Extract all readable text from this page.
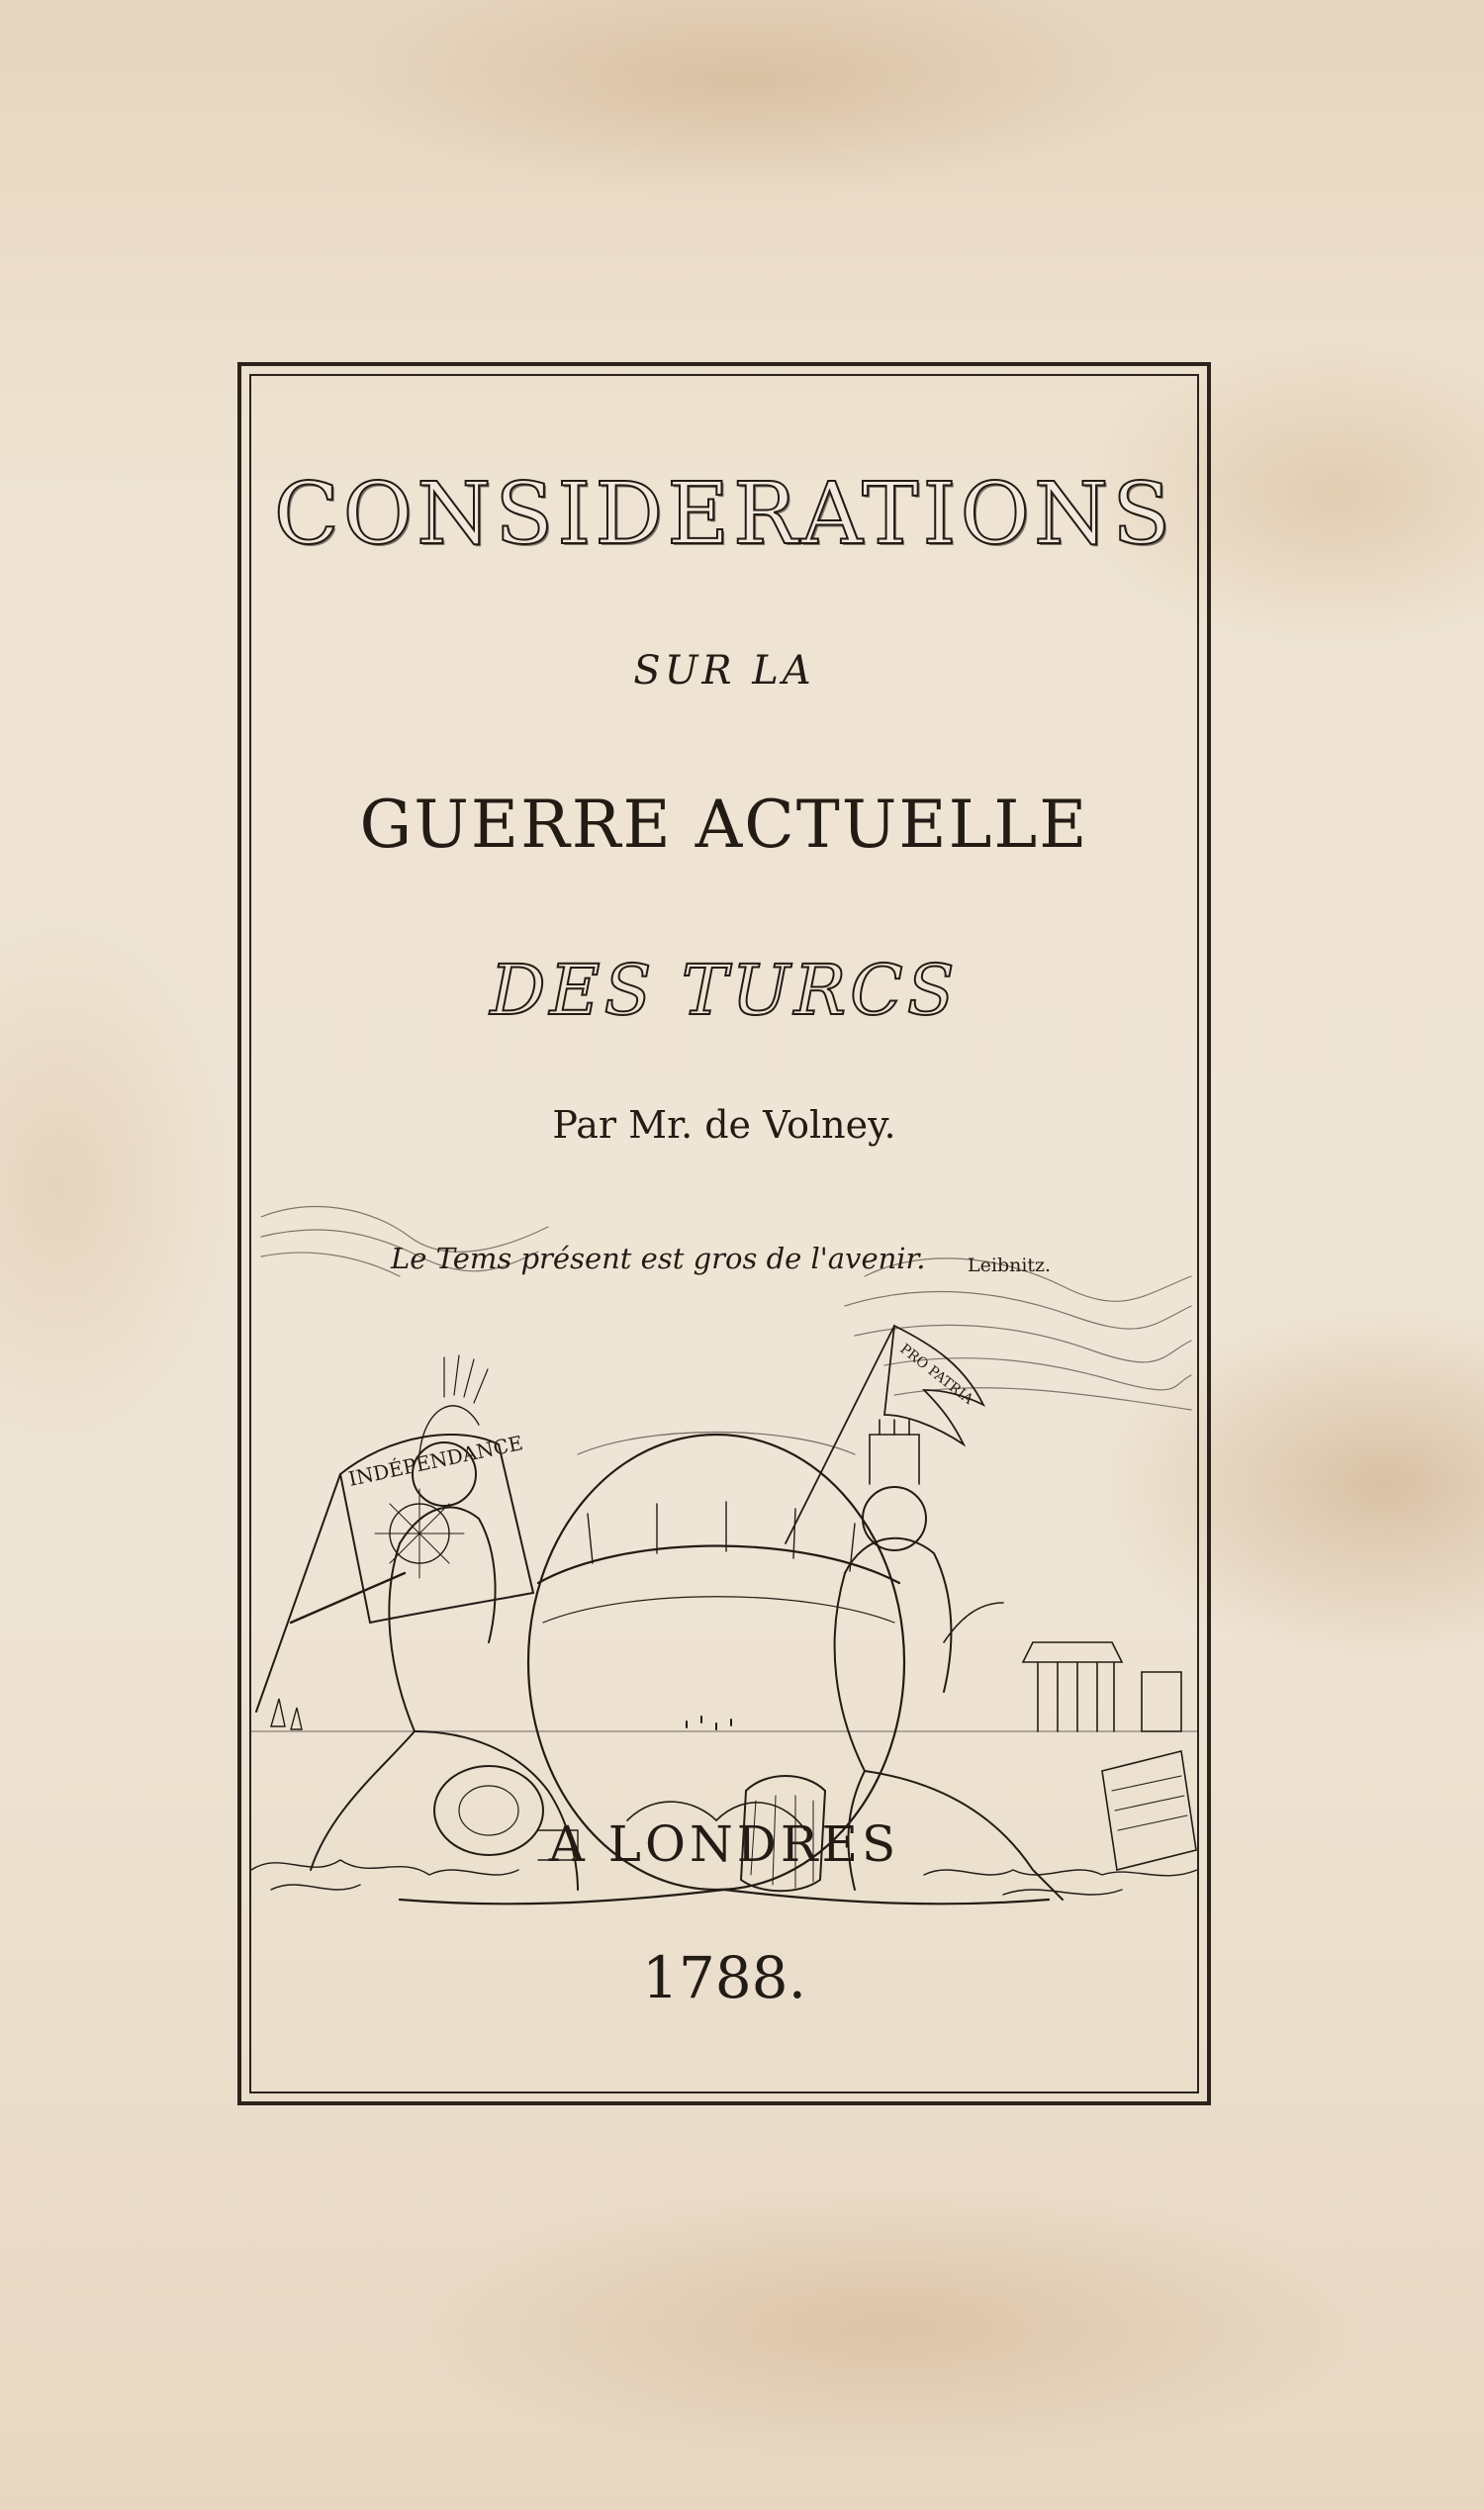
CONSIDERATIONS
SUR LA
GUERRE ACTUELLE
DES TURCS
Par Mr. de Volney.
INDÉPENDANCE
PRO PATRIA
Le Tems présent est gros de l'avenir. Leibnitz.
A LONDRES
1788.
